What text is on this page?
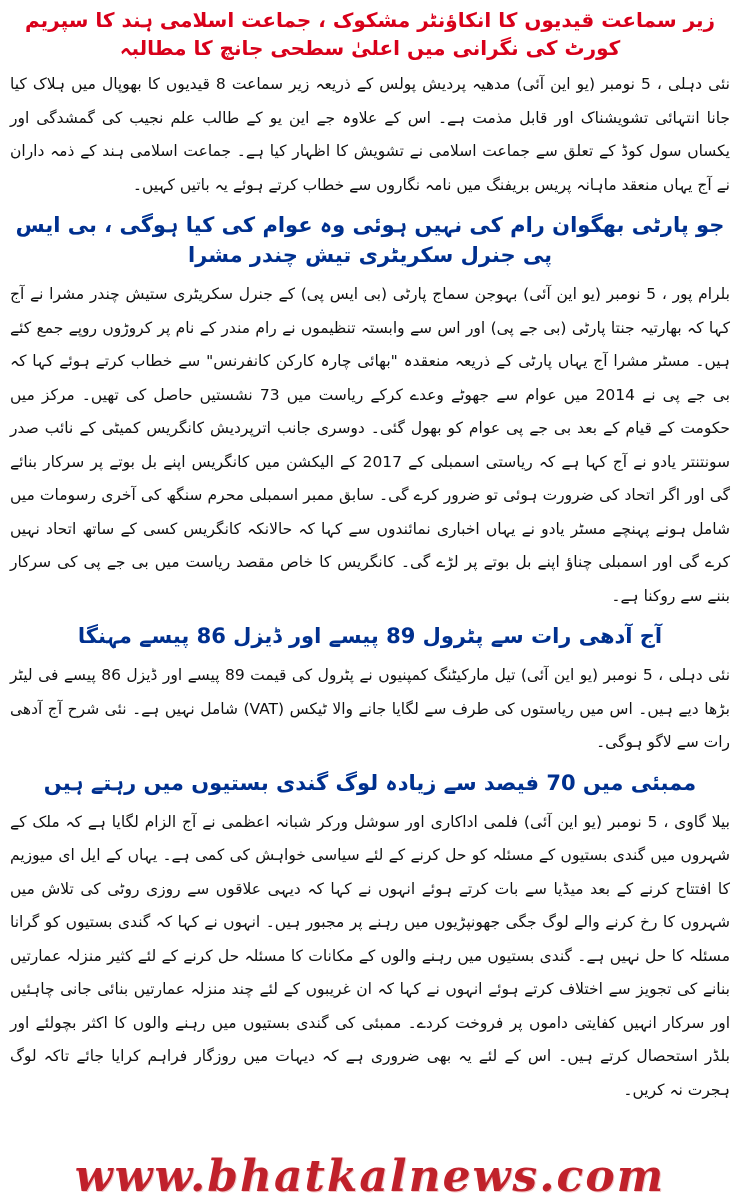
زیر سماعت قیدیوں کا انکاؤنٹر مشکوک ، جماعت اسلامی ہند کا سپریم کورٹ کی نگرانی میں اعلیٰ سطحی جانچ کا مطالبہ

نئی دہلی ، 5 نومبر (یو این آئی) مدھیہ پردیش پولس کے ذریعہ زیر سماعت 8 قیدیوں کا بھوپال میں ہلاک کیا جانا انتہائی تشویشناک اور قابل مذمت ہے۔ اس کے علاوہ جے این یو کے طالب علم نجیب کی گمشدگی اور یکساں سول کوڈ کے تعلق سے جماعت اسلامی نے تشویش کا اظہار کیا ہے۔ جماعت اسلامی ہند کے ذمہ داران نے آج یہاں منعقد ماہانہ پریس بریفنگ میں نامہ نگاروں سے خطاب کرتے ہوئے یہ باتیں کہیں۔

جو پارٹی بھگوان رام کی نہیں ہوئی وہ عوام کی کیا ہوگی ، بی ایس پی جنرل سکریٹری تیش چندر مشرا

بلرام پور ، 5 نومبر (یو این آئی) بہوجن سماج پارٹی (بی ایس پی) کے جنرل سکریٹری ستیش چندر مشرا نے آج کہا کہ بھارتیہ جنتا پارٹی (بی جے پی) اور اس سے وابستہ تنظیموں نے رام مندر کے نام پر کروڑوں روپے جمع کئے ہیں۔ مسٹر مشرا آج یہاں پارٹی کے ذریعہ منعقدہ "بھائی چارہ کارکن کانفرنس" سے خطاب کرتے ہوئے کہا کہ بی جے پی نے 2014 میں عوام سے جھوٹے وعدے کرکے ریاست میں 73 نشستیں حاصل کی تھیں۔ مرکز میں حکومت کے قیام کے بعد بی جے پی عوام کو بھول گئی۔ دوسری جانب اترپردیش کانگریس کمیٹی کے نائب صدر سونتنتر یادو نے آج کہا ہے کہ ریاستی اسمبلی کے 2017 کے الیکشن میں کانگریس اپنے بل بوتے پر سرکار بنائے گی اور اگر اتحاد کی ضرورت ہوئی تو ضرور کرے گی۔ سابق ممبر اسمبلی محرم سنگھ کی آخری رسومات میں شامل ہونے پہنچے مسٹر یادو نے یہاں اخباری نمائندوں سے کہا کہ حالانکہ کانگریس کسی کے ساتھ اتحاد نہیں کرے گی اور اسمبلی چناؤ اپنے بل بوتے پر لڑے گی۔ کانگریس کا خاص مقصد ریاست میں بی جے پی کی سرکار بننے سے روکنا ہے۔

آج آدھی رات سے پٹرول 89 پیسے اور ڈیزل 86 پیسے مہنگا

نئی دہلی ، 5 نومبر (یو این آئی) تیل مارکیٹنگ کمپنیوں نے پٹرول کی قیمت 89 پیسے اور ڈیزل 86 پیسے فی لیٹر بڑھا دیے ہیں۔ اس میں ریاستوں کی طرف سے لگایا جانے والا ٹیکس (VAT) شامل نہیں ہے۔ نئی شرح آج آدھی رات سے لاگو ہوگی۔

ممبئی میں 70 فیصد سے زیادہ لوگ گندی بستیوں میں رہتے ہیں

بیلا گاوی ، 5 نومبر (یو این آئی) فلمی اداکاری اور سوشل ورکر شبانہ اعظمی نے آج الزام لگایا ہے کہ ملک کے شہروں میں گندی بستیوں کے مسئلہ کو حل کرنے کے لئے سیاسی خواہش کی کمی ہے۔ یہاں کے ایل ای میوزیم کا افتتاح کرنے کے بعد میڈیا سے بات کرتے ہوئے انہوں نے کہا کہ دیہی علاقوں سے روزی روٹی کی تلاش میں شہروں کا رخ کرنے والے لوگ جگی جھونپڑیوں میں رہنے پر مجبور ہیں۔ انہوں نے کہا کہ گندی بستیوں کو گرانا مسئلہ کا حل نہیں ہے۔ گندی بستیوں میں رہنے والوں کے مکانات کا مسئلہ حل کرنے کے لئے کثیر منزلہ عمارتیں بنانے کی تجویز سے اختلاف کرتے ہوئے انہوں نے کہا کہ ان غریبوں کے لئے چند منزلہ عمارتیں بنائی جانی چاہئیں اور سرکار انہیں کفایتی داموں پر فروخت کردے۔ ممبئی کی گندی بستیوں میں رہنے والوں کا اکثر بچولئے اور بلڈر استحصال کرتے ہیں۔ اس کے لئے یہ بھی ضروری ہے کہ دیہات میں روزگار فراہم کرایا جائے تاکہ لوگ ہجرت نہ کریں۔

www.bhatkalnews.com
